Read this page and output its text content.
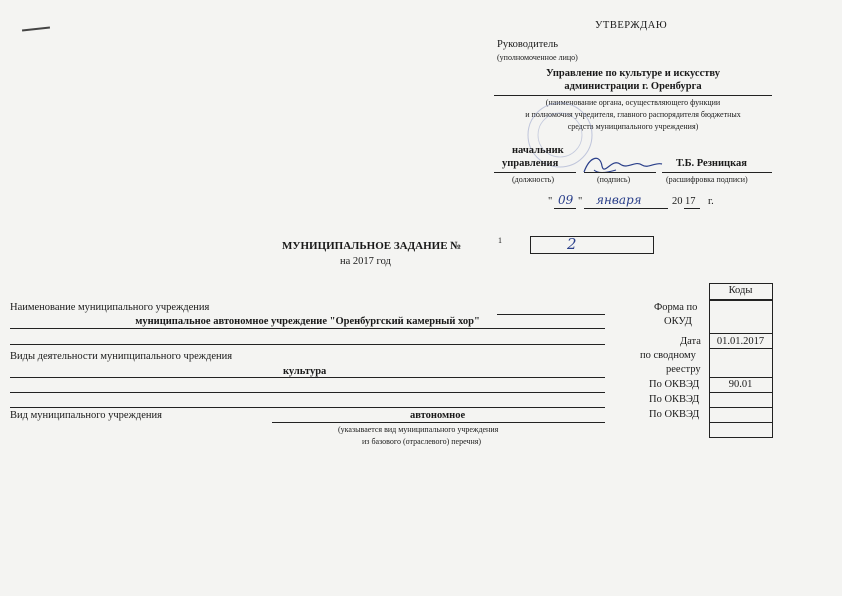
УТВЕРЖДАЮ
Руководитель
(уполномоченное лицо)
Управление по культуре и искусству
администрации г. Оренбурга
(наименование органа, осуществляющего функции
и полномочия учредителя, главного распорядителя бюджетных
средств муниципального учреждения)
начальник
управления	Т.Б. Резницкая
(должность)	(подпись)	(расшифровка подписи)
" 09 " января	20 17 г.
МУНИЦИПАЛЬНОЕ ЗАДАНИЕ №	1	2
на 2017 год
Наименование муниципального учреждения
муниципальное автономное учреждение "Оренбургский камерный хор"
Виды деятельности мунипципального чреждения
культура
Вид муниципального учреждения	автономное
(указывается вид муниципального учреждения
из базового (отраслевого) перечня)
Коды
Форма по
ОКУД
Дата	01.01.2017
по сводному
реестру
По ОКВЭД	90.01
По ОКВЭД
По ОКВЭД
